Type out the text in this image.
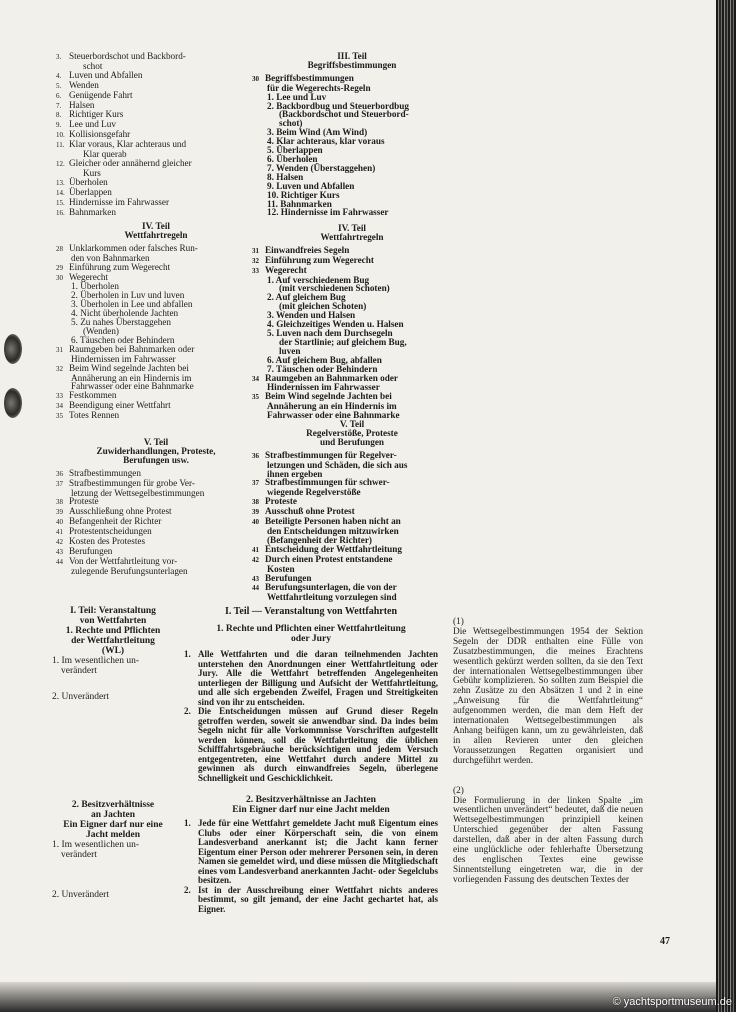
3. Steuerbordschot und Backbord-
schot
4. Luven und Abfallen
5. Wenden
6. Genügende Fahrt
7. Halsen
8. Richtiger Kurs
9. Lee und Luv
10. Kollisionsgefahr
11. Klar voraus, Klar achteraus und
Klar querab
12. Gleicher oder annähernd gleicher
Kurs
13. Überholen
14. Überlappen
15. Hindernisse im Fahrwasser
16. Bahnmarken
IV. Teil
Wettfahrtregeln
28 Unklarkommen oder falsches Run-
den von Bahnmarken
29 Einführung zum Wegerecht
30 Wegerecht
1. Überholen
2. Überholen in Luv und luven
3. Überholen in Lee und abfallen
4. Nicht überholende Jachten
5. Zu nahes Überstaggehen
(Wenden)
6. Täuschen oder Behindern
31 Raumgeben bei Bahnmarken oder
Hindernissen im Fahrwasser
32 Beim Wind segelnde Jachten bei
Annäherung an ein Hindernis im
Fahrwasser oder eine Bahnmarke
33 Festkommen
34 Beendigung einer Wettfahrt
35 Totes Rennen
V. Teil
Zuwiderhandlungen, Proteste,
Berufungen usw.
36 Strafbestimmungen
37 Strafbestimmungen für grobe Ver-
letzung der Wettsegelbestimmungen
38 Proteste
39 Ausschließung ohne Protest
40 Befangenheit der Richter
41 Protestentscheidungen
42 Kosten des Protestes
43 Berufungen
44 Von der Wettfahrtleitung vor-
zulegende Berufungsunterlagen
III. Teil
Begriffsbestimmungen
30 Begriffsbestimmungen
für die Wegerechts-Regeln
1. Lee und Luv
2. Backbordbug und Steuerbordbug
(Backbordschot und Steuerbord-
schot)
3. Beim Wind (Am Wind)
4. Klar achteraus, klar voraus
5. Überlappen
6. Überholen
7. Wenden (Überstaggehen)
8. Halsen
9. Luven und Abfallen
10. Richtiger Kurs
11. Bahnmarken
12. Hindernisse im Fahrwasser
IV. Teil
Wettfahrtregeln
31 Einwandfreies Segeln
32 Einführung zum Wegerecht
33 Wegerecht
1. Auf verschiedenem Bug
(mit verschiedenen Schoten)
2. Auf gleichem Bug
(mit gleichen Schoten)
3. Wenden und Halsen
4. Gleichzeitiges Wenden u. Halsen
5. Luven nach dem Durchsegeln
der Startlinie; auf gleichem Bug,
luven
6. Auf gleichem Bug, abfallen
7. Täuschen oder Behindern
34 Raumgeben an Bahnmarken oder
Hindernissen im Fahrwasser
35 Beim Wind segelnde Jachten bei
Annäherung an ein Hindernis im
Fahrwasser oder eine Bahnmarke
V. Teil
Regelverstöße, Proteste
und Berufungen
36 Strafbestimmungen für Regelver-
letzungen und Schäden, die sich aus
ihnen ergeben
37 Strafbestimmungen für schwer-
wiegende Regelverstöße
38 Proteste
39 Ausschuß ohne Protest
40 Beteiligte Personen haben nicht an
den Entscheidungen mitzuwirken
(Befangenheit der Richter)
41 Entscheidung der Wettfahrtleitung
42 Durch einen Protest entstandene
Kosten
43 Berufungen
44 Berufungsunterlagen, die von der
Wettfahrtleitung vorzulegen sind
I. Teil: Veranstaltung
von Wettfahrten
1. Rechte und Pflichten
der Wettfahrtleitung
(WL)
1. Im wesentlichen un-
verändert
2. Unverändert
2. Besitzverhältnisse
an Jachten
Ein Eigner darf nur eine
Jacht melden
1. Im wesentlichen un-
verändert
2. Unverändert
I. Teil — Veranstaltung von Wettfahrten
1. Rechte und Pflichten einer Wettfahrtleitung
oder Jury
1. Alle Wettfahrten und die daran teilnehmenden Jachten unterstehen den Anordnungen einer Wettfahrtleitung oder Jury. Alle die Wettfahrt betreffenden Angelegenheiten unterliegen der Billigung und Aufsicht der Wettfahrtleitung, und alle sich ergebenden Zweifel, Fragen und Streitigkeiten sind von ihr zu entscheiden.
2. Die Entscheidungen müssen auf Grund dieser Regeln getroffen werden, soweit sie anwendbar sind. Da indes beim Segeln nicht für alle Vorkommnisse Vorschriften aufgestellt werden können, soll die Wettfahrtleitung die üblichen Schifffahrtsgebräuche berücksichtigen und jedem Versuch entgegentreten, eine Wettfahrt durch andere Mittel zu gewinnen als durch einwandfreies Segeln, überlegene Schnelligkeit und Geschicklichkeit.
2. Besitzverhältnisse an Jachten
Ein Eigner darf nur eine Jacht melden
1. Jede für eine Wettfahrt gemeldete Jacht muß Eigentum eines Clubs oder einer Körperschaft sein, die von einem Landesverband anerkannt ist; die Jacht kann ferner Eigentum einer Person oder mehrerer Personen sein, in deren Namen sie gemeldet wird, und diese müssen die Mitgliedschaft eines vom Landesverband anerkannten Jacht- oder Segelclubs besitzen.
2. Ist in der Ausschreibung einer Wettfahrt nichts anderes bestimmt, so gilt jemand, der eine Jacht gechartet hat, als Eigner.
(1)
Die Wettsegelbestimmungen 1954 der Sektion Segeln der DDR enthalten eine Fülle von Zusatzbestimmungen, die meines Erachtens wesentlich gekürzt werden sollten, da sie den Text der internationalen Wettsegelbestimmungen über Gebühr komplizieren. So sollten zum Beispiel die zehn Zusätze zu den Absätzen 1 und 2 in eine „Anweisung für die Wettfahrtleitung“ aufgenommen werden, die man dem Heft der internationalen Wettsegelbestimmungen als Anhang beifügen kann, um zu gewährleisten, daß in allen Revieren unter den gleichen Voraussetzungen Regatten organisiert und durchgeführt werden.
(2)
Die Formulierung in der linken Spalte „im wesentlichen unverändert“ bedeutet, daß die neuen Wettsegelbestimmungen prinzipiell keinen Unterschied gegenüber der alten Fassung darstellen, daß aber in der alten Fassung durch eine unglückliche oder fehlerhafte Übersetzung des englischen Textes eine gewisse Sinnentstellung eingetreten war, die in der vorliegenden Fassung des deutschen Textes der
47
© yachtsportmuseum.de
